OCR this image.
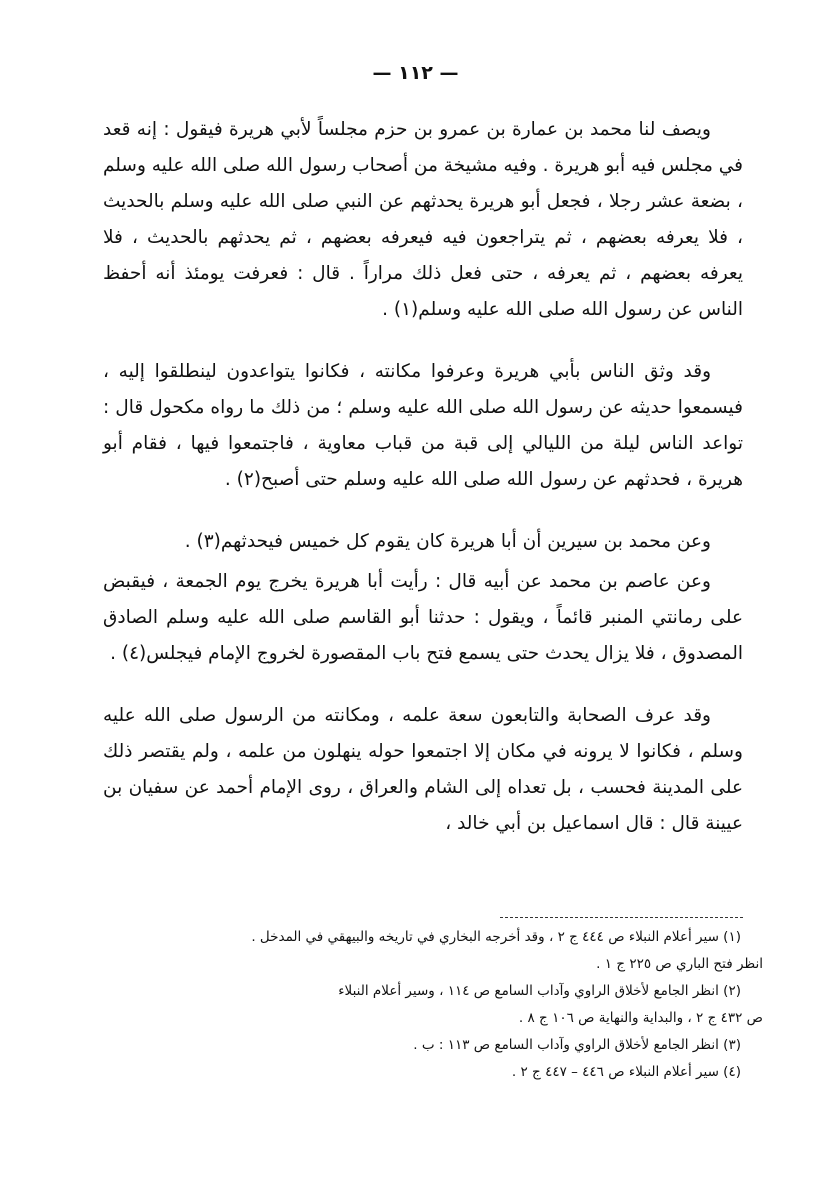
— ١١٢ —

ويصف لنا محمد بن عمارة بن عمرو بن حزم مجلساً لأبي هريرة فيقول : إنه قعد في مجلس فيه أبو هريرة . وفيه مشيخة من أصحاب رسول الله صلى الله عليه وسلم ، بضعة عشر رجلا ، فجعل أبو هريرة يحدثهم عن النبي صلى الله عليه وسلم بالحديث ، فلا يعرفه بعضهم ، ثم يتراجعون فيه فيعرفه بعضهم ، ثم يحدثهم بالحديث ، فلا يعرفه بعضهم ، ثم يعرفه ، حتى فعل ذلك مراراً . قال : فعرفت يومئذ أنه أحفظ الناس عن رسول الله صلى الله عليه وسلم(١) .

وقد وثق الناس بأبي هريرة وعرفوا مكانته ، فكانوا يتواعدون لينطلقوا إليه ، فيسمعوا حديثه عن رسول الله صلى الله عليه وسلم ؛ من ذلك ما رواه مكحول قال : تواعد الناس ليلة من الليالي إلى قبة من قباب معاوية ، فاجتمعوا فيها ، فقام أبو هريرة ، فحدثهم عن رسول الله صلى الله عليه وسلم حتى أصبح(٢) .

وعن محمد بن سيرين أن أبا هريرة كان يقوم كل خميس فيحدثهم(٣) .

وعن عاصم بن محمد عن أبيه قال : رأيت أبا هريرة يخرج يوم الجمعة ، فيقبض على رمانتي المنبر قائماً ، ويقول : حدثنا أبو القاسم صلى الله عليه وسلم الصادق المصدوق ، فلا يزال يحدث حتى يسمع فتح باب المقصورة لخروج الإمام فيجلس(٤) .

وقد عرف الصحابة والتابعون سعة علمه ، ومكانته من الرسول صلى الله عليه وسلم ، فكانوا لا يرونه في مكان إلا اجتمعوا حوله ينهلون من علمه ، ولم يقتصر ذلك على المدينة فحسب ، بل تعداه إلى الشام والعراق ، روى الإمام أحمد عن سفيان بن عيينة قال : قال اسماعيل بن أبي خالد ،

(١) سير أعلام النبلاء ص ٤٤٤ ج ٢ ، وقد أخرجه البخاري في تاريخه والبيهقي في المدخل .

انظر فتح الباري ص ٢٢٥ ج ١ .

(٢) انظر الجامع لأخلاق الراوي وآداب السامع ص ١١٤ ، وسير أعلام النبلاء

ص ٤٣٢ ج ٢ ، والبداية والنهاية ص ١٠٦ ج ٨ .

(٣) انظر الجامع لأخلاق الراوي وآداب السامع ص ١١٣ : ب .

(٤) سير أعلام النبلاء ص ٤٤٦ – ٤٤٧ ج ٢ .
